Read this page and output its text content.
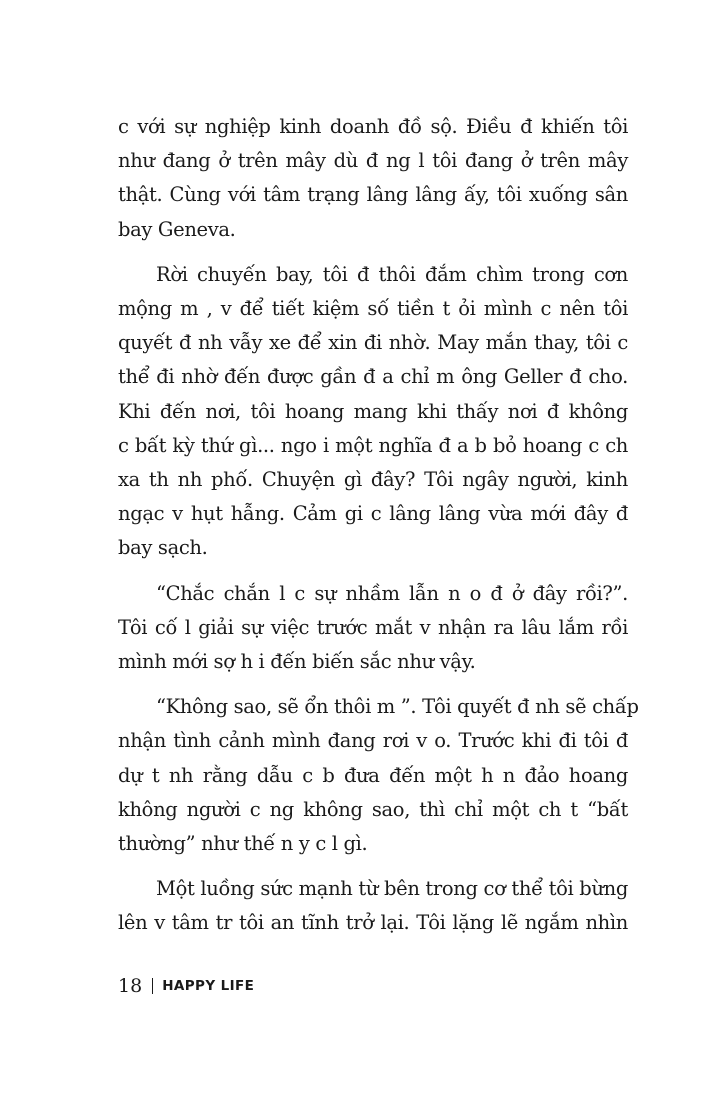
c với sự nghiệp kinh doanh đồ sộ. Điều đ khiến tôi
như đang ở trên mây dù đ ng l tôi đang ở trên mây
thật. Cùng với tâm trạng lâng lâng ấy, tôi xuống sân
bay Geneva.
Rời chuyến bay, tôi đ thôi đắm chìm trong cơn
mộng m , v để tiết kiệm số tiền t ỏi mình c nên tôi
quyết đ nh vẫy xe để xin đi nhờ. May mắn thay, tôi c
thể đi nhờ đến được gần đ a chỉ m ông Geller đ cho.
Khi đến nơi, tôi hoang mang khi thấy nơi đ không
c bất kỳ thứ gì... ngo i một nghĩa đ a b bỏ hoang c ch
xa th nh phố. Chuyện gì đây? Tôi ngây người, kinh
ngạc v hụt hẫng. Cảm gi c lâng lâng vừa mới đây đ
bay sạch.
“Chắc chắn l c sự nhầm lẫn n o đ ở đây rồi?”.
Tôi cố l giải sự việc trước mắt v nhận ra lâu lắm rồi
mình mới sợ h i đến biến sắc như vậy.
“Không sao, sẽ ổn thôi m ”. Tôi quyết đ nh sẽ chấp
nhận tình cảnh mình đang rơi v o. Trước khi đi tôi đ
dự t nh rằng dẫu c b đưa đến một h n đảo hoang
không người c ng không sao, thì chỉ một ch t “bất
thường” như thế n y c l gì.
Một luồng sức mạnh từ bên trong cơ thể tôi bừng
lên v tâm tr tôi an tĩnh trở lại. Tôi lặng lẽ ngắm nhìn
18 HAPPY LIFE
